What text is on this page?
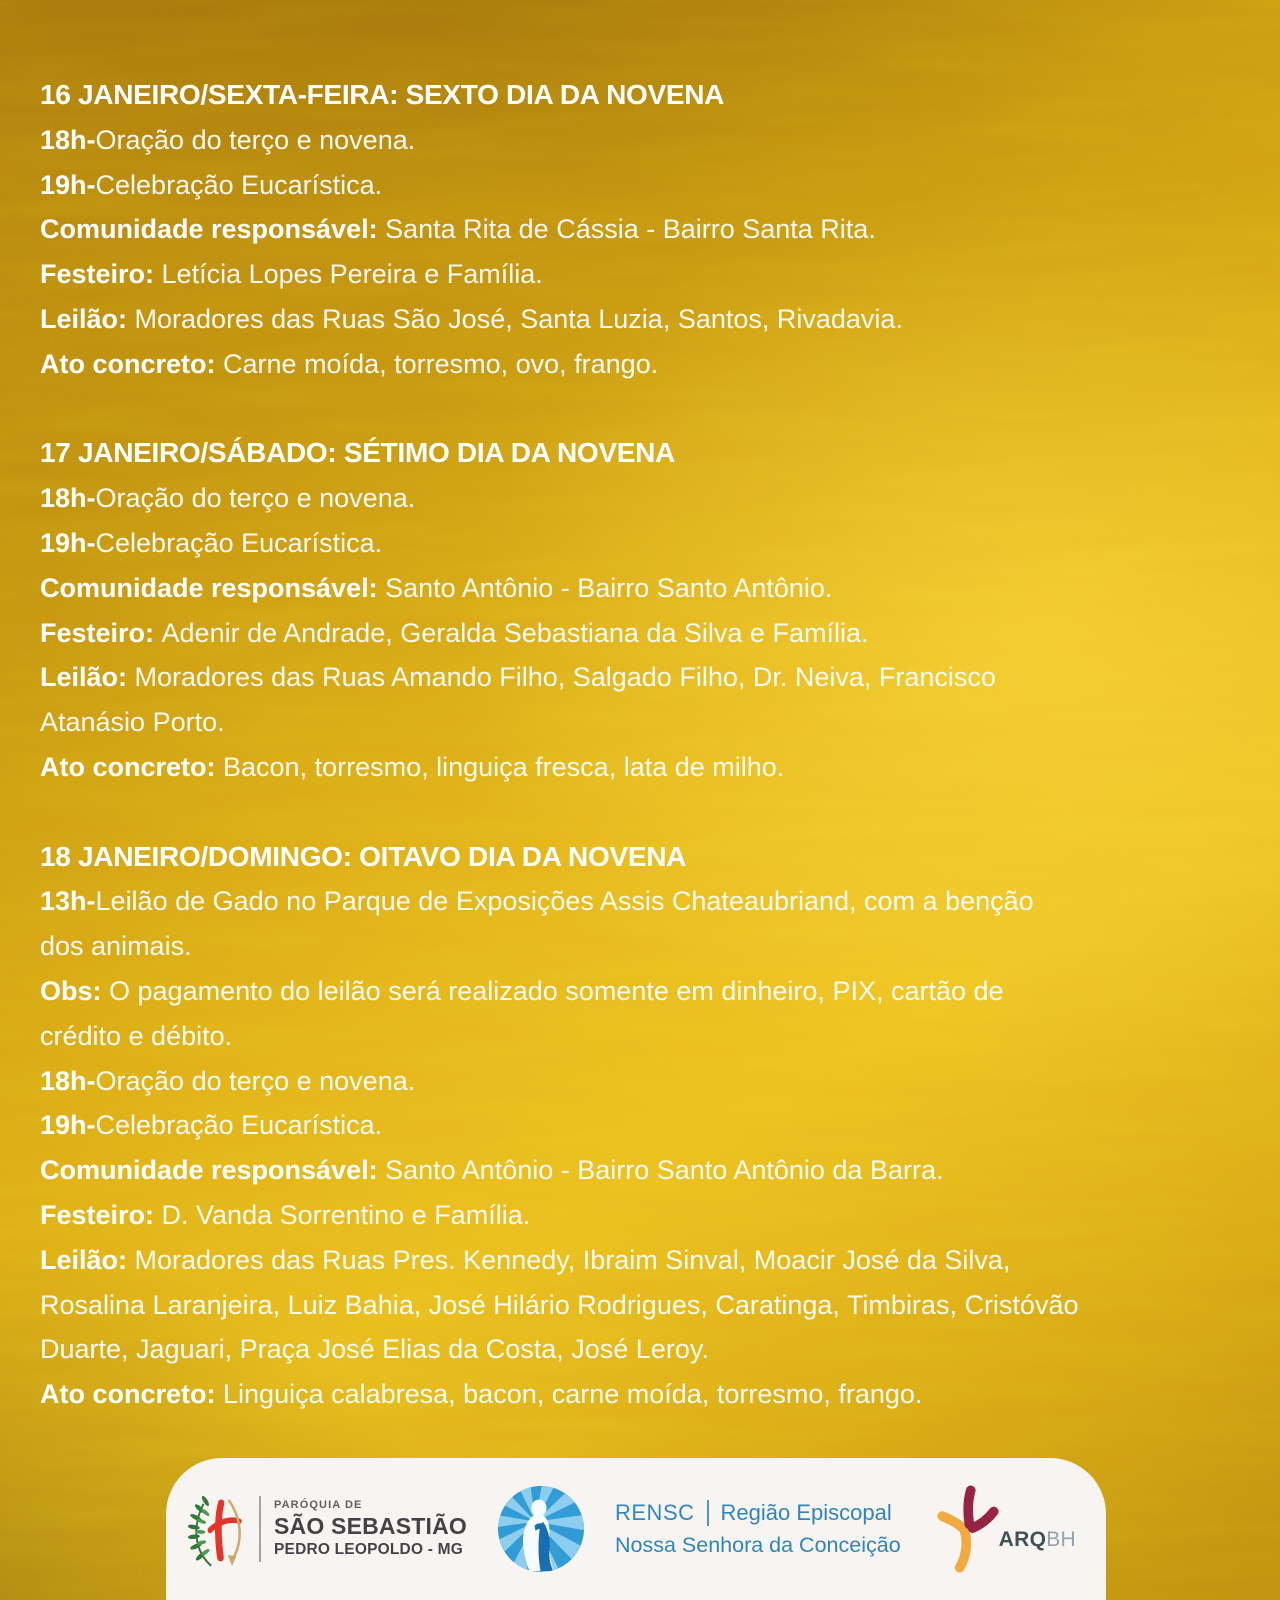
16 JANEIRO/SEXTA-FEIRA: SEXTO DIA DA NOVENA
18h-Oração do terço e novena.
19h-Celebração Eucarística.
Comunidade responsável: Santa Rita de Cássia - Bairro Santa Rita.
Festeiro: Letícia Lopes Pereira e Família.
Leilão: Moradores das Ruas São José, Santa Luzia, Santos, Rivadavia.
Ato concreto: Carne moída, torresmo, ovo, frango.
17 JANEIRO/SÁBADO: SÉTIMO DIA DA NOVENA
18h-Oração do terço e novena.
19h-Celebração Eucarística.
Comunidade responsável: Santo Antônio - Bairro Santo Antônio.
Festeiro: Adenir de Andrade, Geralda Sebastiana da Silva e Família.
Leilão: Moradores das Ruas Amando Filho, Salgado Filho, Dr. Neiva, Francisco
Atanásio Porto.
Ato concreto: Bacon, torresmo, linguiça fresca, lata de milho.
18 JANEIRO/DOMINGO: OITAVO DIA DA NOVENA
13h-Leilão de Gado no Parque de Exposições Assis Chateaubriand, com a benção
dos animais.
Obs: O pagamento do leilão será realizado somente em dinheiro, PIX, cartão de
crédito e débito.
18h-Oração do terço e novena.
19h-Celebração Eucarística.
Comunidade responsável: Santo Antônio - Bairro Santo Antônio da Barra.
Festeiro: D. Vanda Sorrentino e Família.
Leilão: Moradores das Ruas Pres. Kennedy, Ibraim Sinval, Moacir José da Silva,
Rosalina Laranjeira, Luiz Bahia, José Hilário Rodrigues, Caratinga, Timbiras, Cristóvão
Duarte, Jaguari, Praça José Elias da Costa, José Leroy.
Ato concreto: Linguiça calabresa, bacon, carne moída, torresmo, frango.
PARÓQUIA DE
SÃO SEBASTIÃO
PEDRO LEOPOLDO - MG
RENSC Região Episcopal
Nossa Senhora da Conceição	ARQBH
